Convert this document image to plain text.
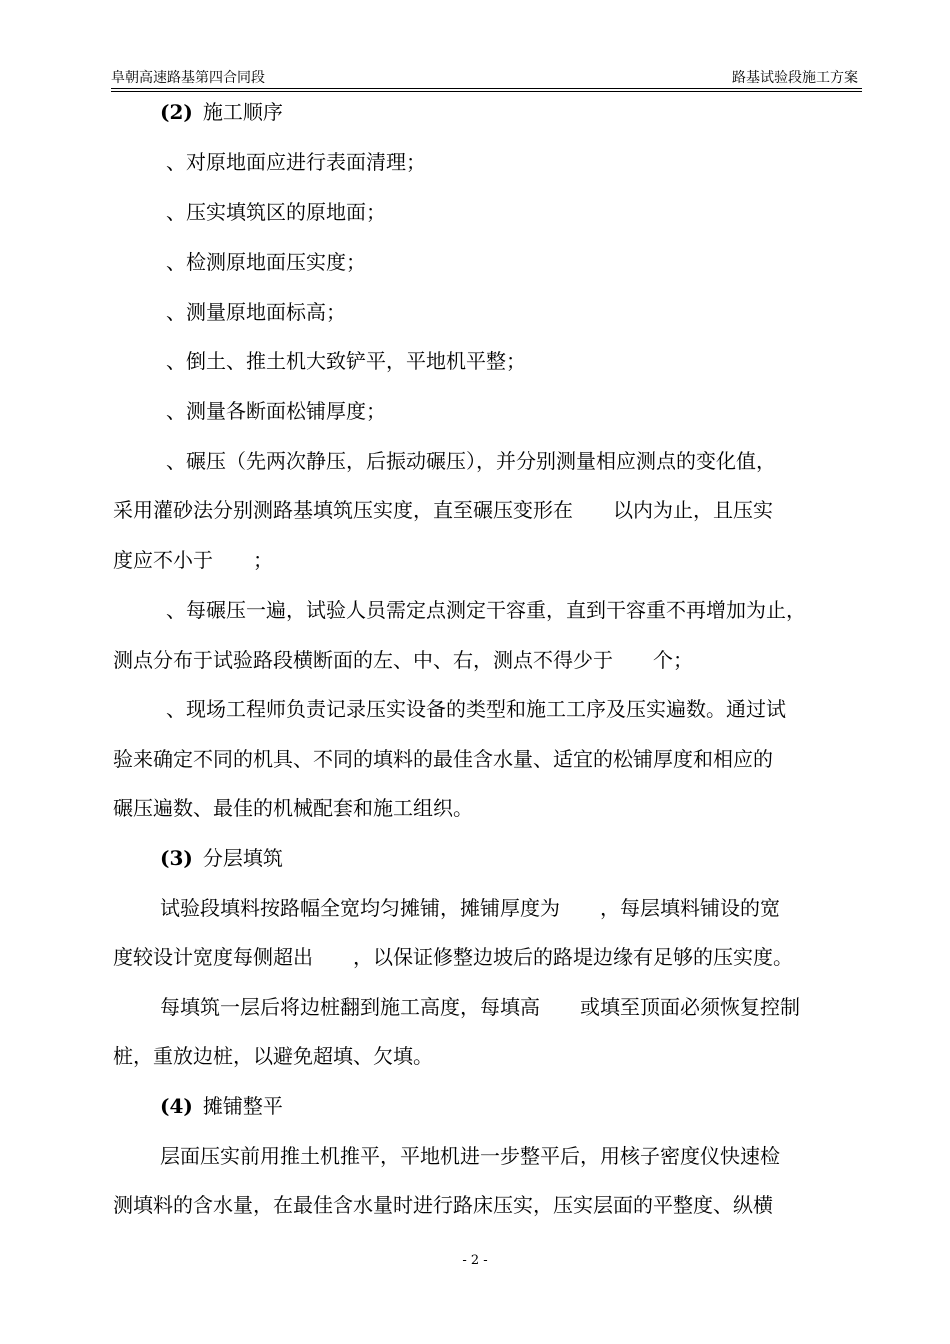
阜朝高速路基第四合同段	路基试验段施工方案
(2) 施工顺序
、对原地面应进行表面清理；
、压实填筑区的原地面；
、检测原地面压实度；
、测量原地面标高；
、倒土、推土机大致铲平，平地机平整；
、测量各断面松铺厚度；
、碾压（先两次静压，后振动碾压），并分别测量相应测点的变化值，
采用灌砂法分别测路基填筑压实度，直至碾压变形在　　以内为止，且压实
度应不小于　　；
、每碾压一遍，试验人员需定点测定干容重，直到干容重不再增加为止，
测点分布于试验路段横断面的左、中、右，测点不得少于　　个；
、现场工程师负责记录压实设备的类型和施工工序及压实遍数。通过试
验来确定不同的机具、不同的填料的最佳含水量、适宜的松铺厚度和相应的
碾压遍数、最佳的机械配套和施工组织。
(3) 分层填筑
试验段填料按路幅全宽均匀摊铺，摊铺厚度为　　，每层填料铺设的宽
度较设计宽度每侧超出　　，以保证修整边坡后的路堤边缘有足够的压实度。
每填筑一层后将边桩翻到施工高度，每填高　　或填至顶面必须恢复控制
桩，重放边桩，以避免超填、欠填。
(4) 摊铺整平
层面压实前用推土机推平，平地机进一步整平后，用核子密度仪快速检
测填料的含水量，在最佳含水量时进行路床压实，压实层面的平整度、纵横
- 2 -
